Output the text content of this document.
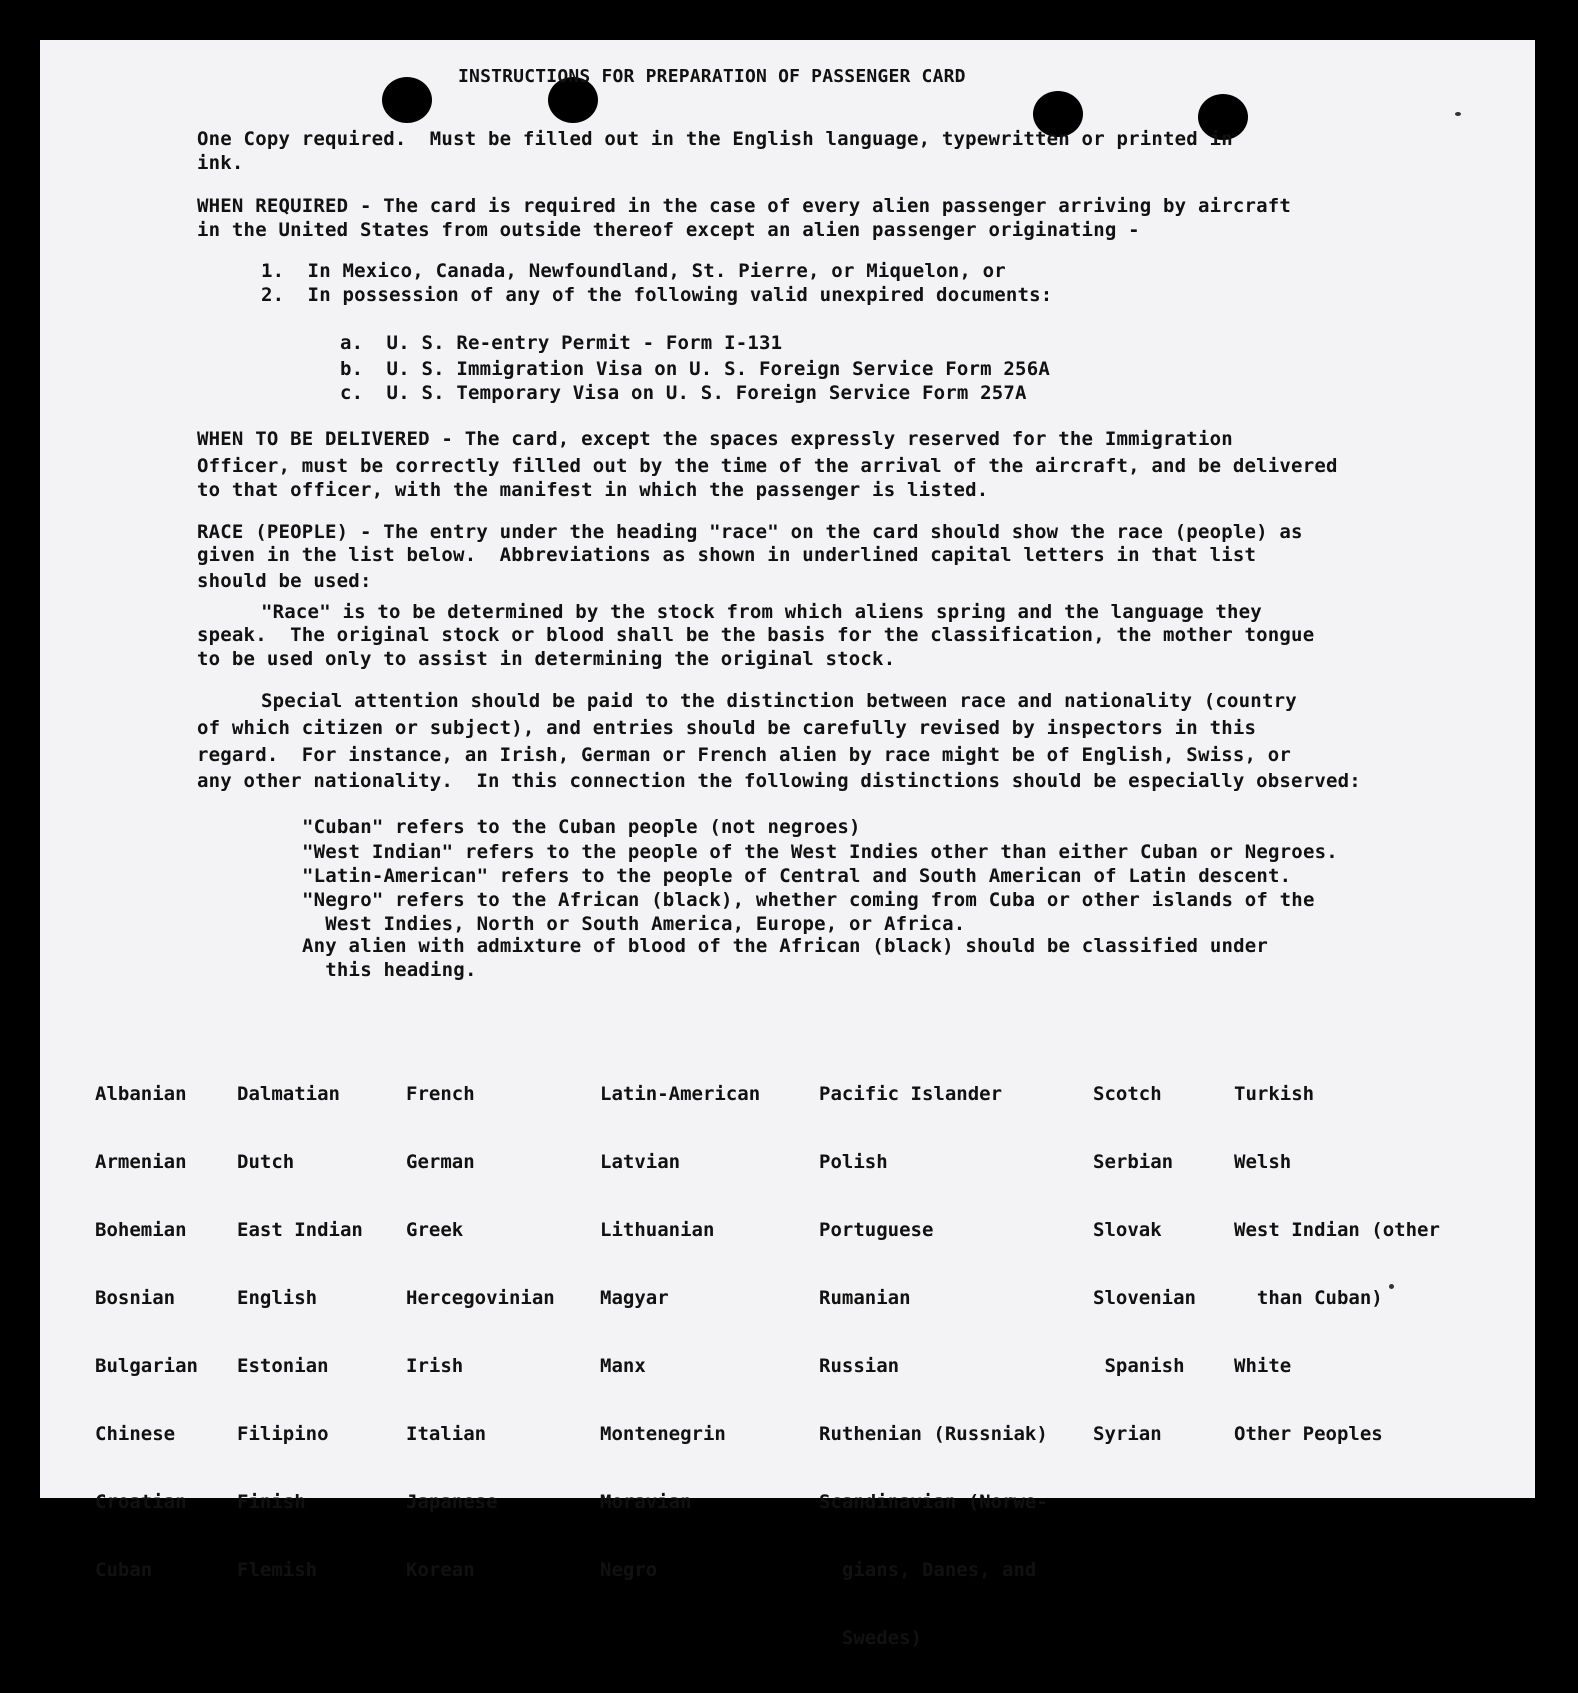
INSTRUCTIONS FOR PREPARATION OF PASSENGER CARD
One Copy required.  Must be filled out in the English language, typewritten or printed in
ink.
WHEN REQUIRED - The card is required in the case of every alien passenger arriving by aircraft
in the United States from outside thereof except an alien passenger originating -
1.  In Mexico, Canada, Newfoundland, St. Pierre, or Miquelon, or
2.  In possession of any of the following valid unexpired documents:
a.  U. S. Re-entry Permit - Form I-131
b.  U. S. Immigration Visa on U. S. Foreign Service Form 256A
c.  U. S. Temporary Visa on U. S. Foreign Service Form 257A
WHEN TO BE DELIVERED - The card, except the spaces expressly reserved for the Immigration
Officer, must be correctly filled out by the time of the arrival of the aircraft, and be delivered
to that officer, with the manifest in which the passenger is listed.
RACE (PEOPLE) - The entry under the heading "race" on the card should show the race (people) as
given in the list below.  Abbreviations as shown in underlined capital letters in that list
should be used:
"Race" is to be determined by the stock from which aliens spring and the language they
speak.  The original stock or blood shall be the basis for the classification, the mother tongue
to be used only to assist in determining the original stock.
Special attention should be paid to the distinction between race and nationality (country
of which citizen or subject), and entries should be carefully revised by inspectors in this
regard.  For instance, an Irish, German or French alien by race might be of English, Swiss, or
any other nationality.  In this connection the following distinctions should be especially observed:
"Cuban" refers to the Cuban people (not negroes)
"West Indian" refers to the people of the West Indies other than either Cuban or Negroes.
"Latin-American" refers to the people of Central and South American of Latin descent.
"Negro" refers to the African (black), whether coming from Cuba or other islands of the
West Indies, North or South America, Europe, or Africa.
Any alien with admixture of blood of the African (black) should be classified under
this heading.

Albanian

Armenian

Bohemian

Bosnian

Bulgarian

Chinese

Croatian

Cuban

Dalmatian

Dutch

East Indian

English

Estonian

Filipino

Finish

Flemish

French

German

Greek

Hercegovinian

Irish

Italian

Japanese

Korean

Latin-American

Latvian

Lithuanian

Magyar

Manx

Montenegrin

Moravian

Negro

Pacific Islander

Polish

Portuguese

Rumanian

Russian

Ruthenian (Russniak)

Scandinavian (Norwe-

gians, Danes, and

Swedes)

Scotch

Serbian

Slovak

Slovenian

Spanish

Syrian

Turkish

Welsh

West Indian (other

than Cuban)

White

Other Peoples
